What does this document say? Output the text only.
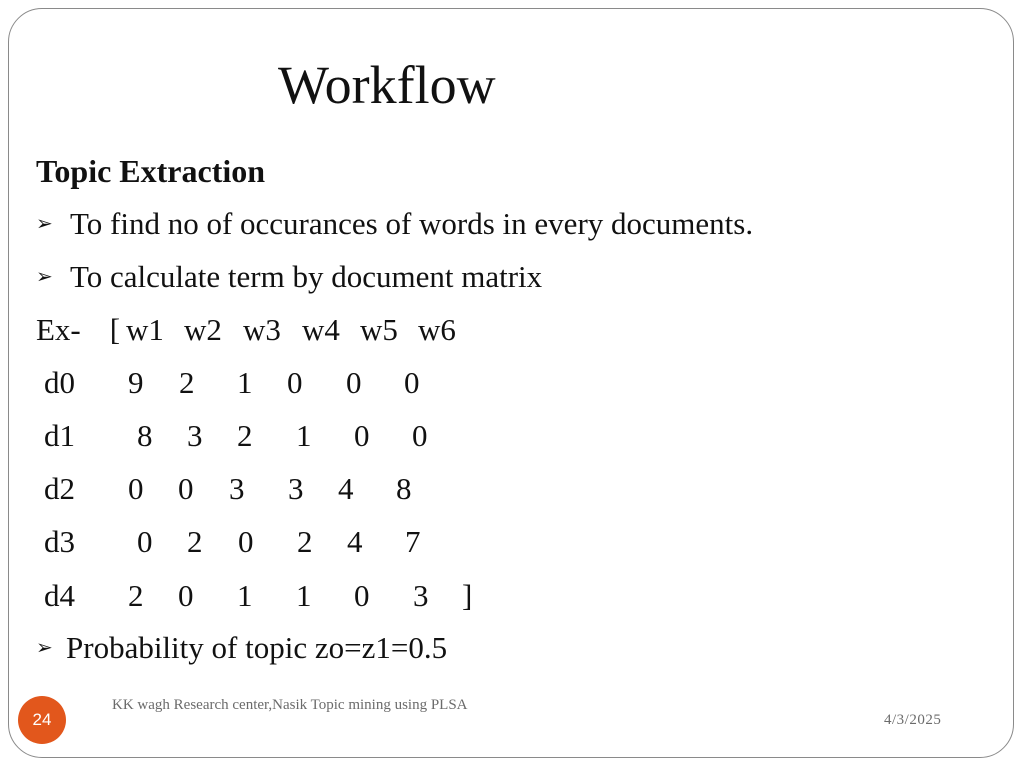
Workflow
Topic Extraction
➢ To find no of occurances of words in every documents.
➢ To calculate term by document matrix
Ex- [ w1 w2 w3 w4 w5 w6
d0 9 2 1 0 0 0
d1 8 3 2 1 0 0
d2 0 0 3 3 4 8
d3 0 2 0 2 4 7
d4 2 0 1 1 0 3 ]
➢ Probability of topic zo=z1=0.5
24
KK wagh Research center,Nasik Topic mining using PLSA
4/3/2025
